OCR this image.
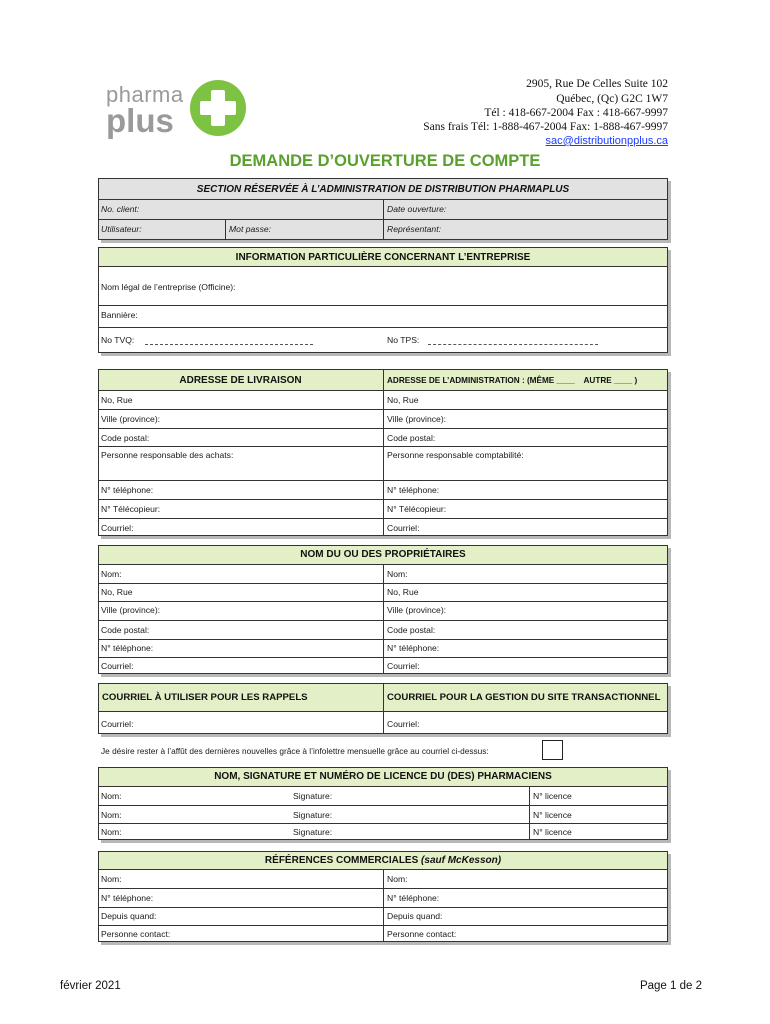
pharma
plus
2905, Rue De Celles Suite 102
Québec, (Qc) G2C 1W7
Tél : 418-667-2004 Fax : 418-667-9997
Sans frais Tél: 1-888-467-2004 Fax: 1-888-467-9997
sac@distributionpplus.ca
DEMANDE D’OUVERTURE DE COMPTE
SECTION RÉSERVÉE À L’ADMINISTRATION DE DISTRIBUTION PHARMAPLUS
No. client:	Date ouverture:
Utilisateur:	Mot passe:	Représentant:
INFORMATION PARTICULIÈRE CONCERNANT L’ENTREPRISE
Nom légal de l’entreprise (Officine):
Bannière:
No TVQ:	No TPS:
ADRESSE DE LIVRAISON	ADRESSE DE L’ADMINISTRATION : (MÊME ____    AUTRE ____ )
No, Rue	No, Rue
Ville (province):	Ville (province):
Code postal:	Code postal:
Personne responsable des achats:	Personne responsable comptabilité:
N° téléphone:	N° téléphone:
N° Télécopieur:	N° Télécopieur:
Courriel:	Courriel:
NOM DU OU DES PROPRIÉTAIRES
Nom:	Nom:
No, Rue	No, Rue
Ville (province):	Ville (province):
Code postal:	Code postal:
N° téléphone:	N° téléphone:
Courriel:	Courriel:
COURRIEL À UTILISER POUR LES RAPPELS	COURRIEL POUR LA GESTION DU SITE TRANSACTIONNEL
Courriel:	Courriel:
Je désire rester à l’affût des dernières nouvelles grâce à l’infolettre mensuelle grâce au courriel ci-dessus:
NOM, SIGNATURE ET NUMÉRO DE LICENCE DU (DES) PHARMACIENS
Nom:	Signature:	N° licence
Nom:	Signature:	N° licence
Nom:	Signature:	N° licence
RÉFÉRENCES COMMERCIALES (sauf McKesson)
Nom:	Nom:
N° téléphone:	N° téléphone:
Depuis quand:	Depuis quand:
Personne contact:	Personne contact:
février 2021	Page 1 de 2
